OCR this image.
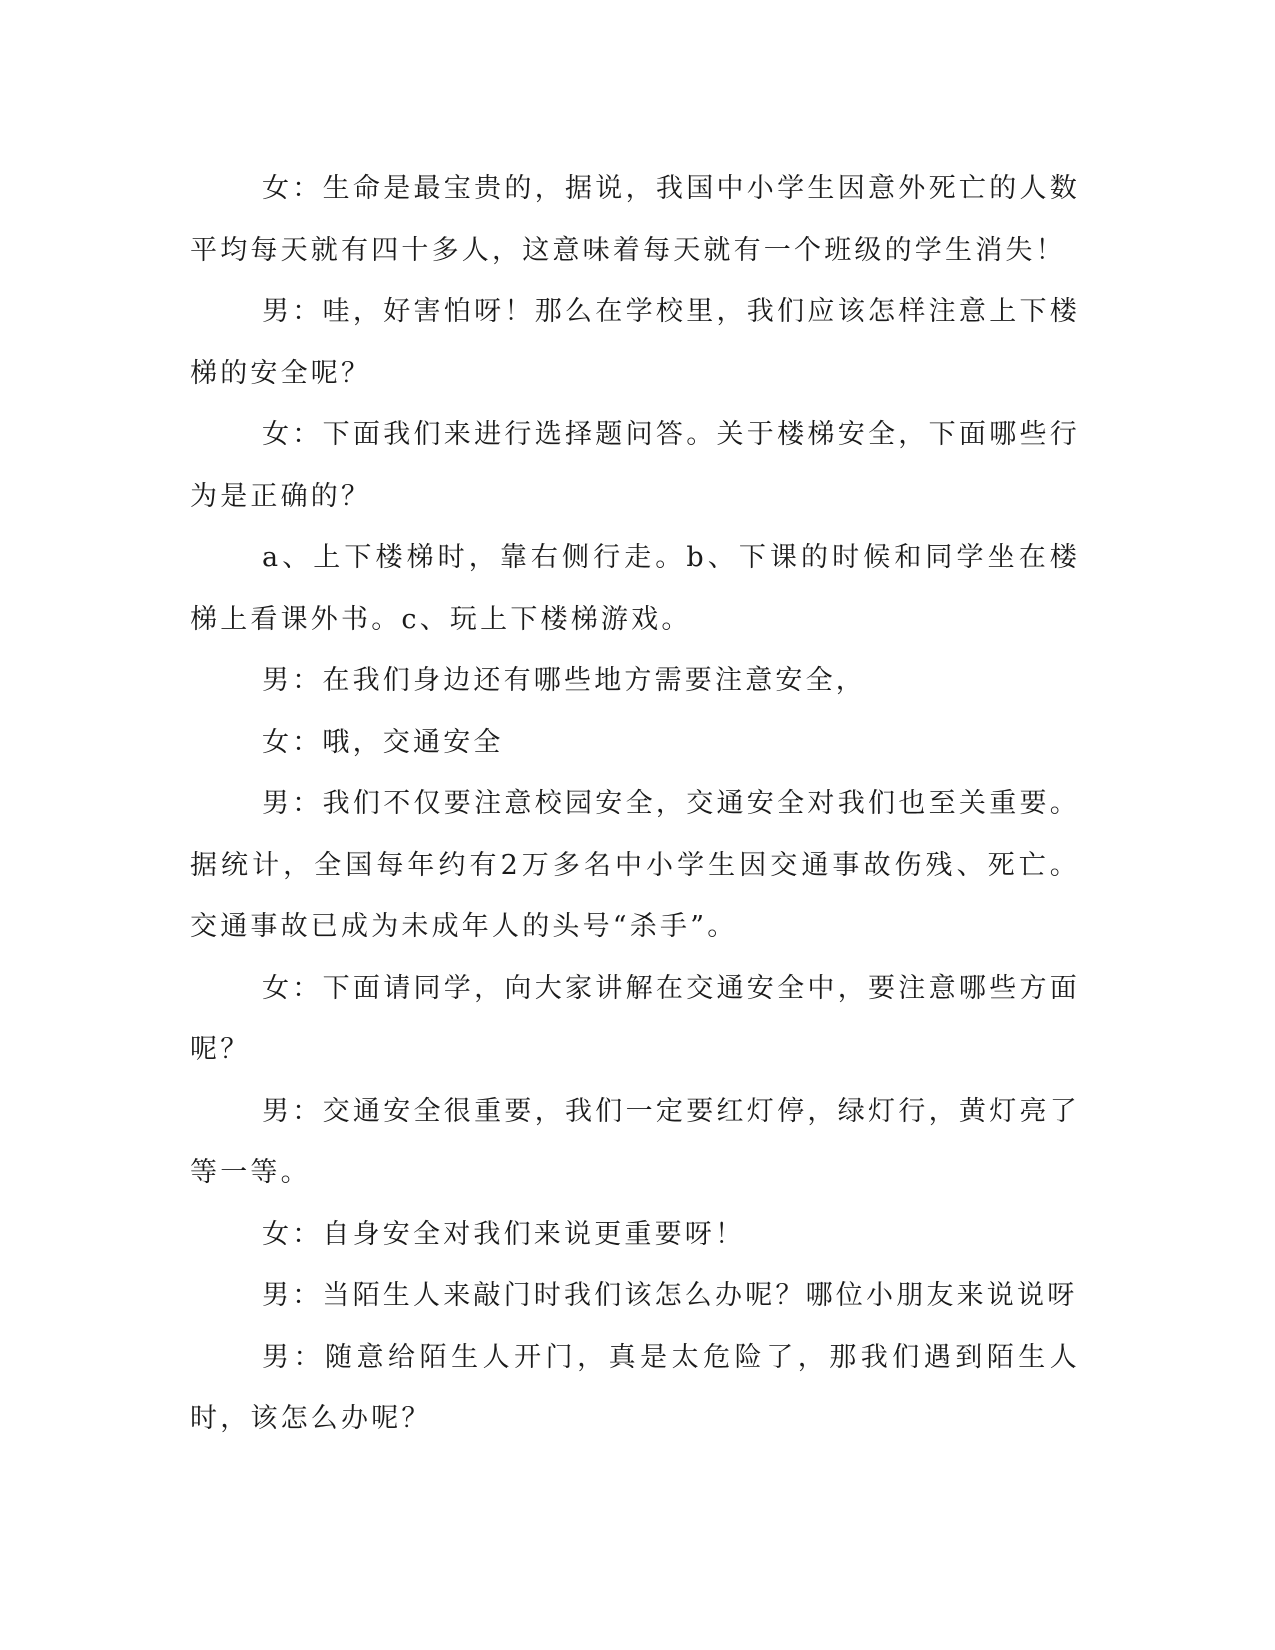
女：生命是最宝贵的，据说，我国中小学生因意外死亡的人数平均每天就有四十多人，这意味着每天就有一个班级的学生消失！

男：哇，好害怕呀！那么在学校里，我们应该怎样注意上下楼梯的安全呢？

女：下面我们来进行选择题问答。关于楼梯安全，下面哪些行为是正确的？

a、上下楼梯时，靠右侧行走。b、下课的时候和同学坐在楼梯上看课外书。c、玩上下楼梯游戏。

男：在我们身边还有哪些地方需要注意安全，

女：哦，交通安全

男：我们不仅要注意校园安全，交通安全对我们也至关重要。据统计，全国每年约有2万多名中小学生因交通事故伤残、死亡。交通事故已成为未成年人的头号“杀手”。

女：下面请同学，向大家讲解在交通安全中，要注意哪些方面呢？

男：交通安全很重要，我们一定要红灯停，绿灯行，黄灯亮了等一等。

女：自身安全对我们来说更重要呀！

男：当陌生人来敲门时我们该怎么办呢？哪位小朋友来说说呀

男：随意给陌生人开门，真是太危险了，那我们遇到陌生人时，该怎么办呢？
